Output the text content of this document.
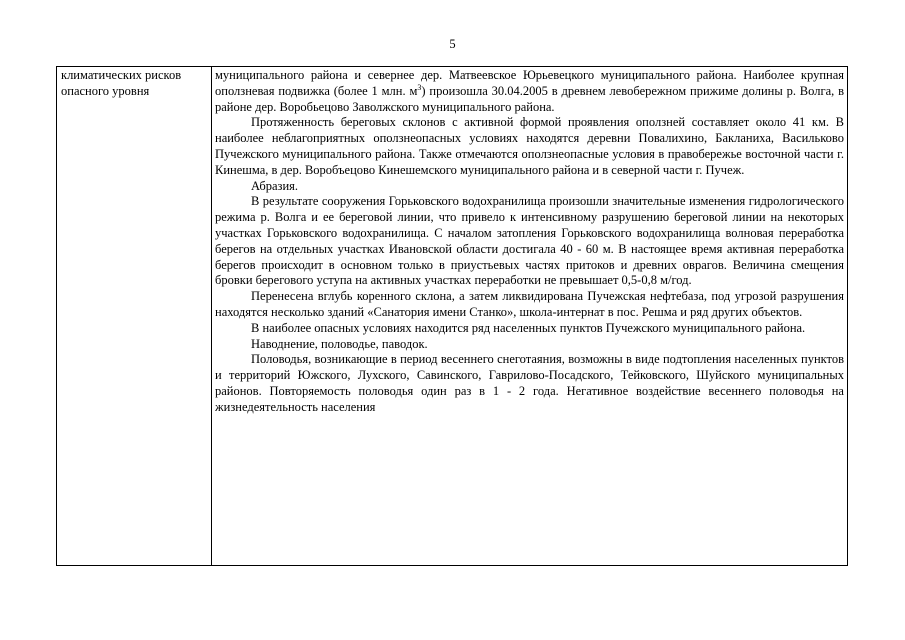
5
климатических рисков
опасного уровня

муниципального района и севернее дер. Матвеевское Юрьевецкого муниципального района. Наиболее крупная оползневая подвижка (более 1 млн. $м^3$) произошла 30.04.2005 в древнем левобережном прижиме долины р. Волга, в районе дер. Воробьецово Заволжского муниципального района.

Протяженность береговых склонов с активной формой проявления оползней составляет около 41 км. В наиболее неблагоприятных оползнеопасных условиях находятся деревни Повалихино, Бакланиха, Васильково Пучежского муниципального района. Также отмечаются оползнеопасные условия в правобережье восточной части г. Кинешма, в дер. Воробъецово Кинешемского муниципального района и в северной части г. Пучеж.

Абразия.

В результате сооружения Горьковского водохранилища произошли значительные изменения гидрологического режима р. Волга и ее береговой линии, что привело к интенсивному разрушению береговой линии на некоторых участках Горьковского водохранилища. С началом затопления Горьковского водохранилища волновая переработка берегов на отдельных участках Ивановской области достигала 40 - 60 м. В настоящее время активная переработка берегов происходит в основном только в приустьевых частях притоков и древних оврагов. Величина смещения бровки берегового уступа на активных участках переработки не превышает 0,5-0,8 м/год.

Перенесена вглубь коренного склона, а затем ликвидирована Пучежская нефтебаза, под угрозой разрушения находятся несколько зданий «Санатория имени Станко», школа-интернат в пос. Решма и ряд других объектов.

В наиболее опасных условиях находится ряд населенных пунктов Пучежского муниципального района.

Наводнение, половодье, паводок.

Половодья, возникающие в период весеннего снеготаяния, возможны в виде подтопления населенных пунктов и территорий Южского, Лухского, Савинского, Гаврилово-Посадского, Тейковского, Шуйского муниципальных районов. Повторяемость половодья один раз в 1 - 2 года. Негативное воздействие весеннего половодья на жизнедеятельность населения
